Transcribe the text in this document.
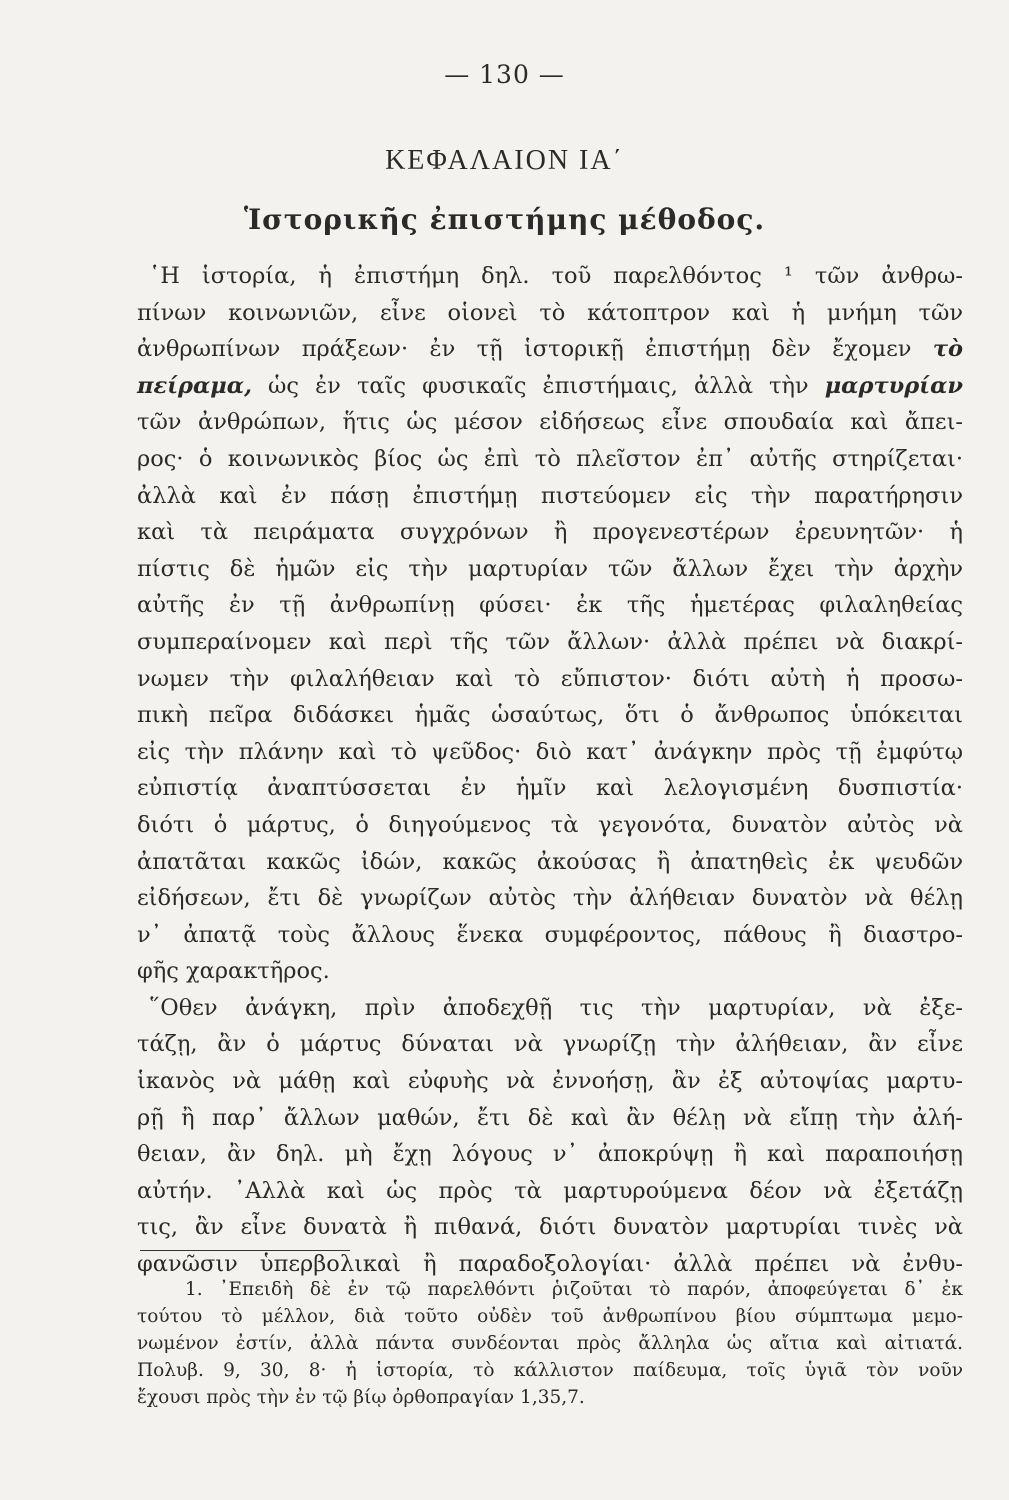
— 130 —
ΚΕΦΑΛΑΙΟΝ ΙΑ΄
Ἱστορικῆς ἐπιστήμης μέθοδος.
῾Η ἱστορία, ἡ ἐπιστήμη δηλ. τοῦ παρελθόντος ¹ τῶν ἀνθρω-
πίνων κοινωνιῶν, εἶνε οἱονεὶ τὸ κάτοπτρον καὶ ἡ μνήμη τῶν
ἀνθρωπίνων πράξεων· ἐν τῇ ἱστορικῇ ἐπιστήμῃ δὲν ἔχομεν τὸ
πείραμα, ὡς ἐν ταῖς φυσικαῖς ἐπιστήμαις, ἀλλὰ τὴν μαρτυρίαν
τῶν ἀνθρώπων, ἥτις ὡς μέσον εἰδήσεως εἶνε σπουδαία καὶ ἄπει-
ρος· ὁ κοινωνικὸς βίος ὡς ἐπὶ τὸ πλεῖστον ἐπ᾽ αὐτῆς στηρίζεται·
ἀλλὰ καὶ ἐν πάσῃ ἐπιστήμῃ πιστεύομεν εἰς τὴν παρατήρησιν
καὶ τὰ πειράματα συγχρόνων ἢ προγενεστέρων ἐρευνητῶν· ἡ
πίστις δὲ ἡμῶν εἰς τὴν μαρτυρίαν τῶν ἄλλων ἔχει τὴν ἀρχὴν
αὐτῆς ἐν τῇ ἀνθρωπίνῃ φύσει· ἐκ τῆς ἡμετέρας φιλαληθείας
συμπεραίνομεν καὶ περὶ τῆς τῶν ἄλλων· ἀλλὰ πρέπει νὰ διακρί-
νωμεν τὴν φιλαλήθειαν καὶ τὸ εὔπιστον· διότι αὐτὴ ἡ προσω-
πικὴ πεῖρα διδάσκει ἡμᾶς ὡσαύτως, ὅτι ὁ ἄνθρωπος ὑπόκειται
εἰς τὴν πλάνην καὶ τὸ ψεῦδος· διὸ κατ᾽ ἀνάγκην πρὸς τῇ ἐμφύτῳ
εὐπιστίᾳ ἀναπτύσσεται ἐν ἡμῖν καὶ λελογισμένη δυσπιστία·
διότι ὁ μάρτυς, ὁ διηγούμενος τὰ γεγονότα, δυνατὸν αὐτὸς νὰ
ἀπατᾶται κακῶς ἰδών, κακῶς ἀκούσας ἢ ἀπατηθεὶς ἐκ ψευδῶν
εἰδήσεων, ἔτι δὲ γνωρίζων αὐτὸς τὴν ἀλήθειαν δυνατὸν νὰ θέλῃ
ν᾽ ἀπατᾷ τοὺς ἄλλους ἕνεκα συμφέροντος, πάθους ἢ διαστρο-
φῆς χαρακτῆρος.
῞Οθεν ἀνάγκη, πρὶν ἀποδεχθῇ τις τὴν μαρτυρίαν, νὰ ἐξε-
τάζῃ, ἂν ὁ μάρτυς δύναται νὰ γνωρίζῃ τὴν ἀλήθειαν, ἂν εἶνε
ἱκανὸς νὰ μάθῃ καὶ εὐφυὴς νὰ ἐννοήσῃ, ἂν ἐξ αὐτοψίας μαρτυ-
ρῇ ἢ παρ᾽ ἄλλων μαθών, ἔτι δὲ καὶ ἂν θέλῃ νὰ εἴπῃ τὴν ἀλή-
θειαν, ἂν δηλ. μὴ ἔχῃ λόγους ν᾽ ἀποκρύψῃ ἢ καὶ παραποιήσῃ
αὐτήν. ᾿Αλλὰ καὶ ὡς πρὸς τὰ μαρτυρούμενα δέον νὰ ἐξετάζῃ
τις, ἂν εἶνε δυνατὰ ἢ πιθανά, διότι δυνατὸν μαρτυρίαι τινὲς νὰ
φανῶσιν ὑπερβολικαὶ ἢ παραδοξολογίαι· ἀλλὰ πρέπει νὰ ἐνθυ-
1. ᾿Επειδὴ δὲ ἐν τῷ παρελθόντι ῥιζοῦται τὸ παρόν, ἀποφεύγεται δ᾽ ἐκ
τούτου τὸ μέλλον, διὰ τοῦτο οὐδὲν τοῦ ἀνθρωπίνου βίου σύμπτωμα μεμο-
νωμένον ἐστίν, ἀλλὰ πάντα συνδέονται πρὸς ἄλληλα ὡς αἴτια καὶ αἰτιατά.
Πολυβ. 9, 30, 8· ἡ ἱστορία, τὸ κάλλιστον παίδευμα, τοῖς ὑγιᾶ τὸν νοῦν
ἔχουσι πρὸς τὴν ἐν τῷ βίῳ ὀρθοπραγίαν 1,35,7.
